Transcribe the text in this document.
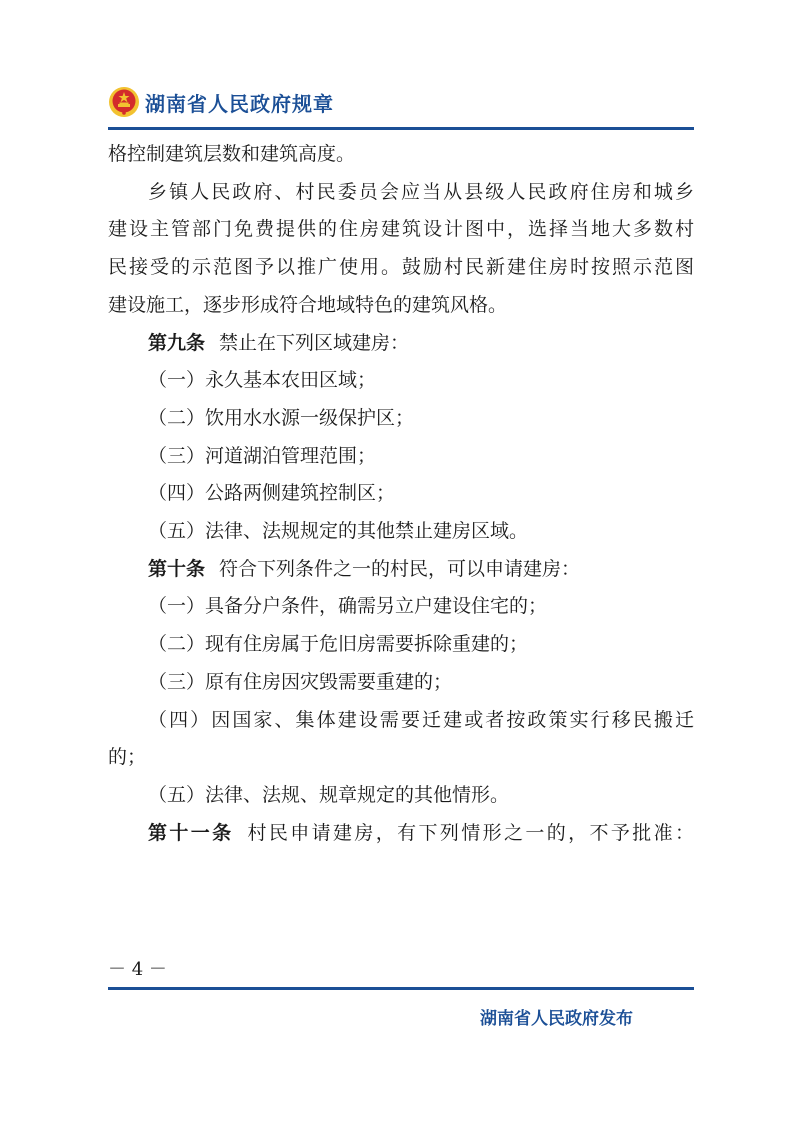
湖南省人民政府规章

格控制建筑层数和建筑高度。

乡镇人民政府、村民委员会应当从县级人民政府住房和城乡

建设主管部门免费提供的住房建筑设计图中，选择当地大多数村

民接受的示范图予以推广使用。鼓励村民新建住房时按照示范图

建设施工，逐步形成符合地域特色的建筑风格。

第九条 禁止在下列区域建房：

（一）永久基本农田区域；

（二）饮用水水源一级保护区；

（三）河道湖泊管理范围；

（四）公路两侧建筑控制区；

（五）法律、法规规定的其他禁止建房区域。

第十条 符合下列条件之一的村民，可以申请建房：

（一）具备分户条件，确需另立户建设住宅的；

（二）现有住房属于危旧房需要拆除重建的；

（三）原有住房因灾毁需要重建的；

（四）因国家、集体建设需要迁建或者按政策实行移民搬迁

的；

（五）法律、法规、规章规定的其他情形。

第十一条 村民申请建房，有下列情形之一的，不予批准：

－ 4 －
湖南省人民政府发布
